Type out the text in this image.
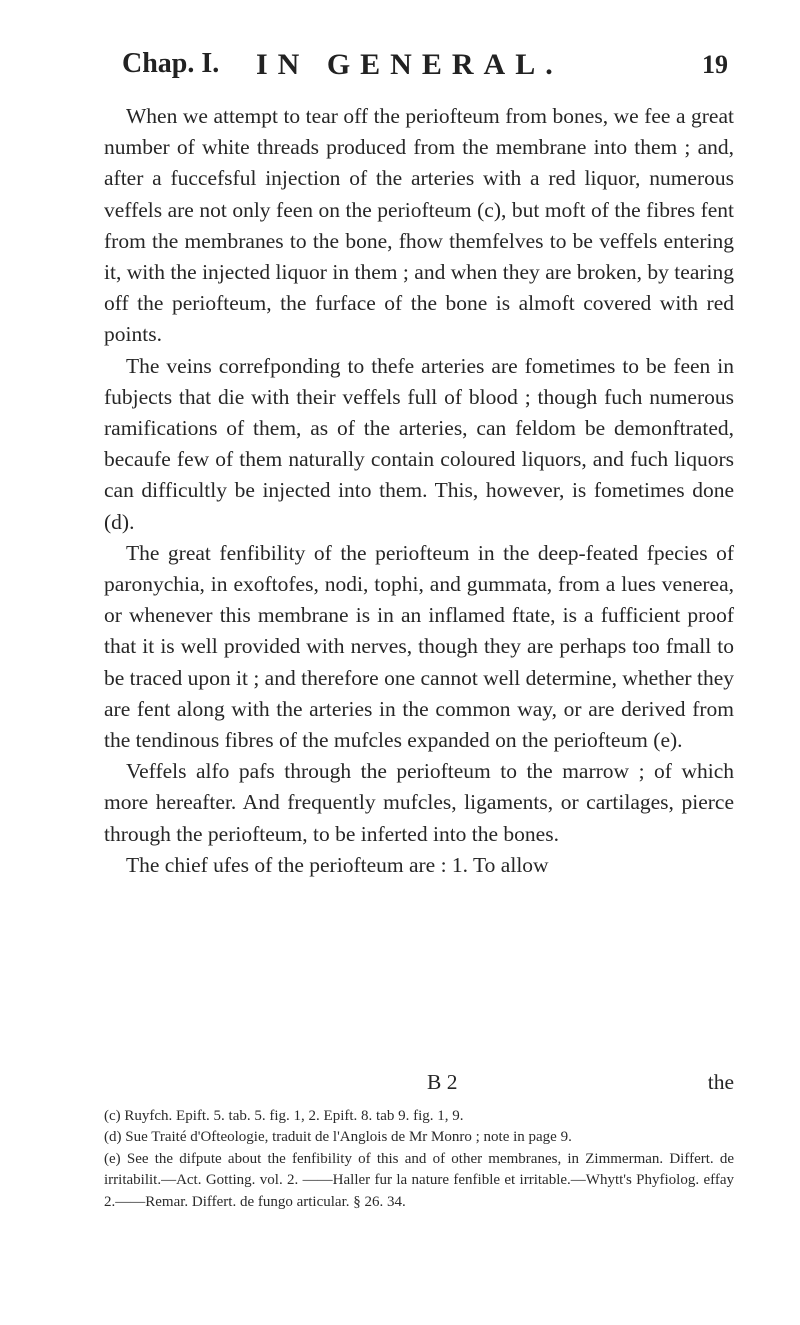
Chap. I. IN GENERAL.	19

When we attempt to tear off the periofteum from bones, we fee a great number of white threads produced from the membrane into them ; and, after a fuccefsful injection of the arteries with a red liquor, numerous veffels are not only feen on the periofteum (c), but moft of the fibres fent from the membranes to the bone, fhow themfelves to be veffels entering it, with the injected liquor in them ; and when they are broken, by tearing off the periofteum, the furface of the bone is almoft covered with red points.

The veins correfponding to thefe arteries are fometimes to be feen in fubjects that die with their veffels full of blood ; though fuch numerous ramifications of them, as of the arteries, can feldom be demonftrated, becaufe few of them naturally contain coloured liquors, and fuch liquors can difficultly be injected into them. This, however, is fometimes done (d).

The great fenfibility of the periofteum in the deep-feated fpecies of paronychia, in exoftofes, nodi, tophi, and gummata, from a lues venerea, or whenever this membrane is in an inflamed ftate, is a fufficient proof that it is well provided with nerves, though they are perhaps too fmall to be traced upon it ; and therefore one cannot well determine, whether they are fent along with the arteries in the common way, or are derived from the tendinous fibres of the mufcles expanded on the periofteum (e).

Veffels alfo pafs through the periofteum to the marrow ; of which more hereafter. And frequently mufcles, ligaments, or cartilages, pierce through the periofteum, to be inferted into the bones.

The chief ufes of the periofteum are : 1. To allow

B 2	the

(c) Ruyfch. Epift. 5. tab. 5. fig. 1, 2. Epift. 8. tab 9. fig. 1, 9.

(d) Sue Traité d'Ofteologie, traduit de l'Anglois de Mr Monro ; note in page 9.

(e) See the difpute about the fenfibility of this and of other membranes, in Zimmerman. Differt. de irritabilit.—Act. Gotting. vol. 2. ——Haller fur la nature fenfible et irritable.—Whytt's Phyfiolog. effay 2.——Remar. Differt. de fungo articular. § 26. 34.
